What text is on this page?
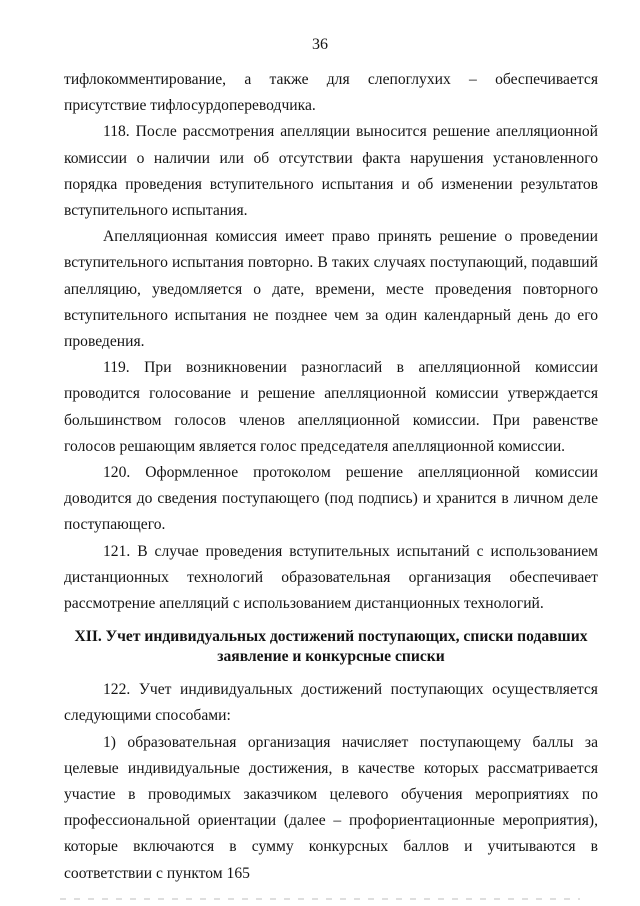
36

тифлокомментирование, а также для слепоглухих – обеспечивается присутствие тифлосурдопереводчика.

118. После рассмотрения апелляции выносится решение апелляционной комиссии о наличии или об отсутствии факта нарушения установленного порядка проведения вступительного испытания и об изменении результатов вступительного испытания.

Апелляционная комиссия имеет право принять решение о проведении вступительного испытания повторно. В таких случаях поступающий, подавший апелляцию, уведомляется о дате, времени, месте проведения повторного вступительного испытания не позднее чем за один календарный день до его проведения.

119. При возникновении разногласий в апелляционной комиссии проводится голосование и решение апелляционной комиссии утверждается большинством голосов членов апелляционной комиссии. При равенстве голосов решающим является голос председателя апелляционной комиссии.

120. Оформленное протоколом решение апелляционной комиссии доводится до сведения поступающего (под подпись) и хранится в личном деле поступающего.

121. В случае проведения вступительных испытаний с использованием дистанционных технологий образовательная организация обеспечивает рассмотрение апелляций с использованием дистанционных технологий.

XII. Учет индивидуальных достижений поступающих, списки подавших
заявление и конкурсные списки

122. Учет индивидуальных достижений поступающих осуществляется следующими способами:

1) образовательная организация начисляет поступающему баллы за целевые индивидуальные достижения, в качестве которых рассматривается участие в проводимых заказчиком целевого обучения мероприятиях по профессиональной ориентации (далее – профориентационные мероприятия), которые включаются в сумму конкурсных баллов и учитываются в соответствии с пунктом 165
